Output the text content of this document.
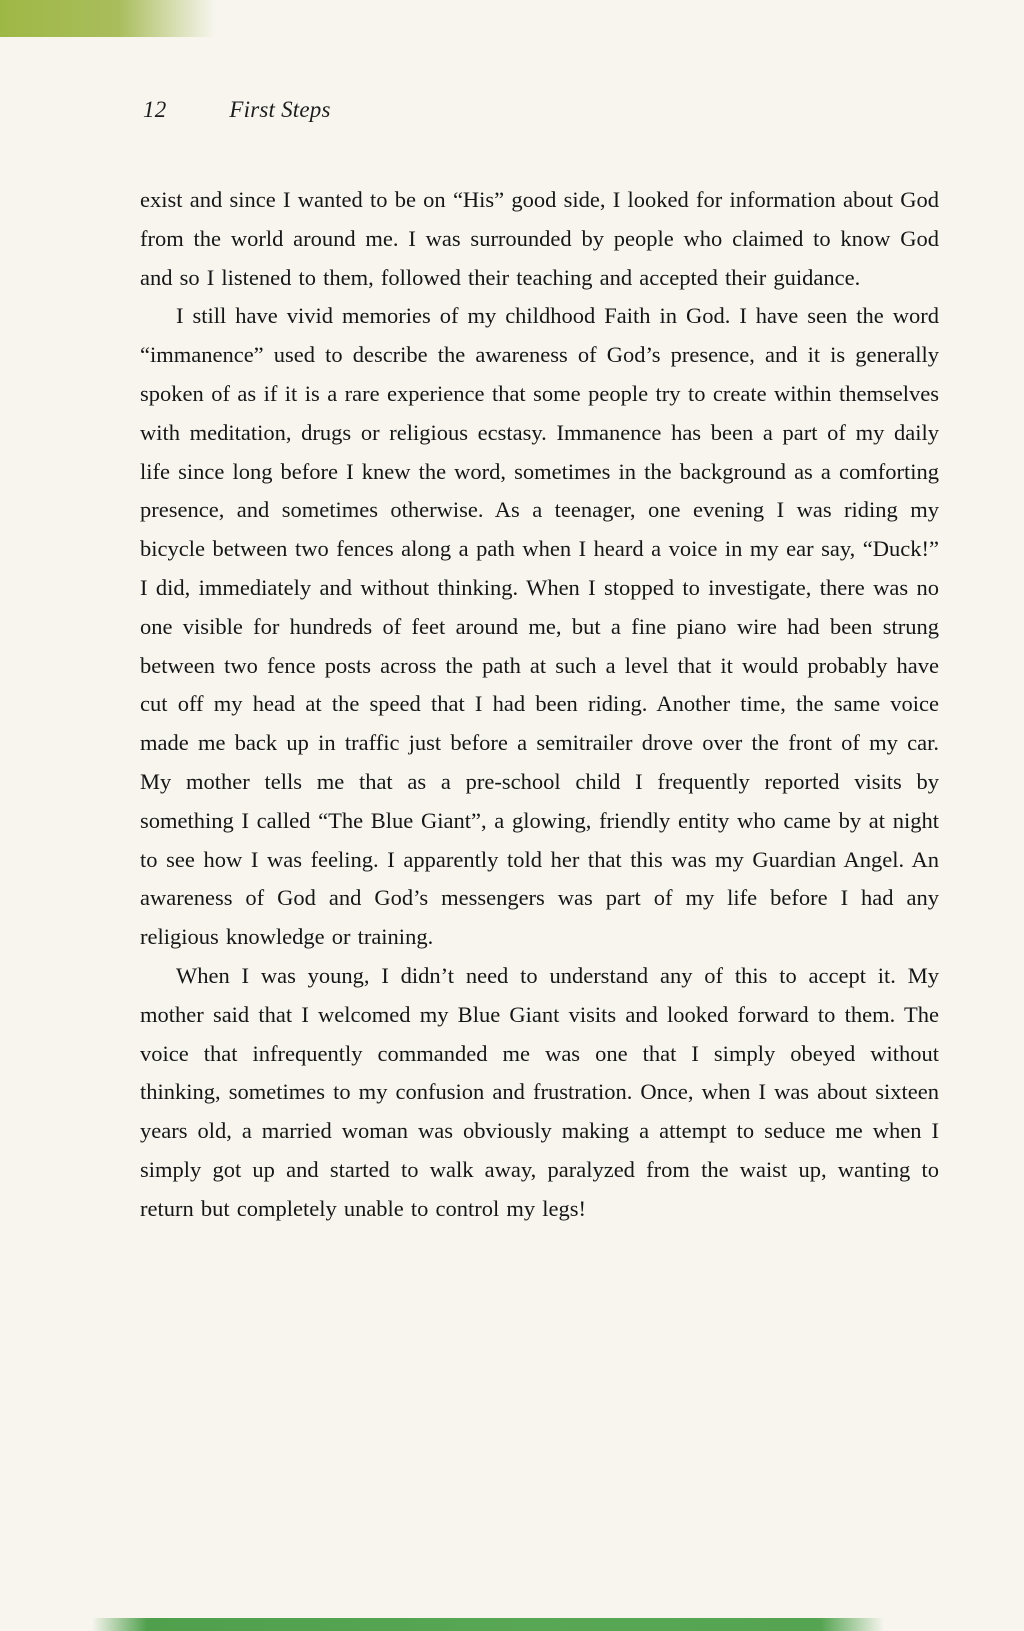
12	First Steps

exist and since I wanted to be on “His” good side, I looked for information about God from the world around me. I was surrounded by people who claimed to know God and so I listened to them, followed their teaching and accepted their guidance.

I still have vivid memories of my childhood Faith in God. I have seen the word “immanence” used to describe the awareness of God’s presence, and it is generally spoken of as if it is a rare experience that some people try to create within themselves with meditation, drugs or religious ecstasy. Immanence has been a part of my daily life since long before I knew the word, sometimes in the background as a comforting presence, and sometimes otherwise. As a teenager, one evening I was riding my bicycle between two fences along a path when I heard a voice in my ear say, “Duck!” I did, immediately and without thinking. When I stopped to investigate, there was no one visible for hundreds of feet around me, but a fine piano wire had been strung between two fence posts across the path at such a level that it would probably have cut off my head at the speed that I had been riding. Another time, the same voice made me back up in traffic just before a semitrailer drove over the front of my car. My mother tells me that as a pre-school child I frequently reported visits by something I called “The Blue Giant”, a glowing, friendly entity who came by at night to see how I was feeling. I apparently told her that this was my Guardian Angel. An awareness of God and God’s messengers was part of my life before I had any religious knowledge or training.

When I was young, I didn’t need to understand any of this to accept it. My mother said that I welcomed my Blue Giant visits and looked forward to them. The voice that infrequently commanded me was one that I simply obeyed without thinking, sometimes to my confusion and frustration. Once, when I was about sixteen years old, a married woman was obviously making a attempt to seduce me when I simply got up and started to walk away, paralyzed from the waist up, wanting to return but completely unable to control my legs!
